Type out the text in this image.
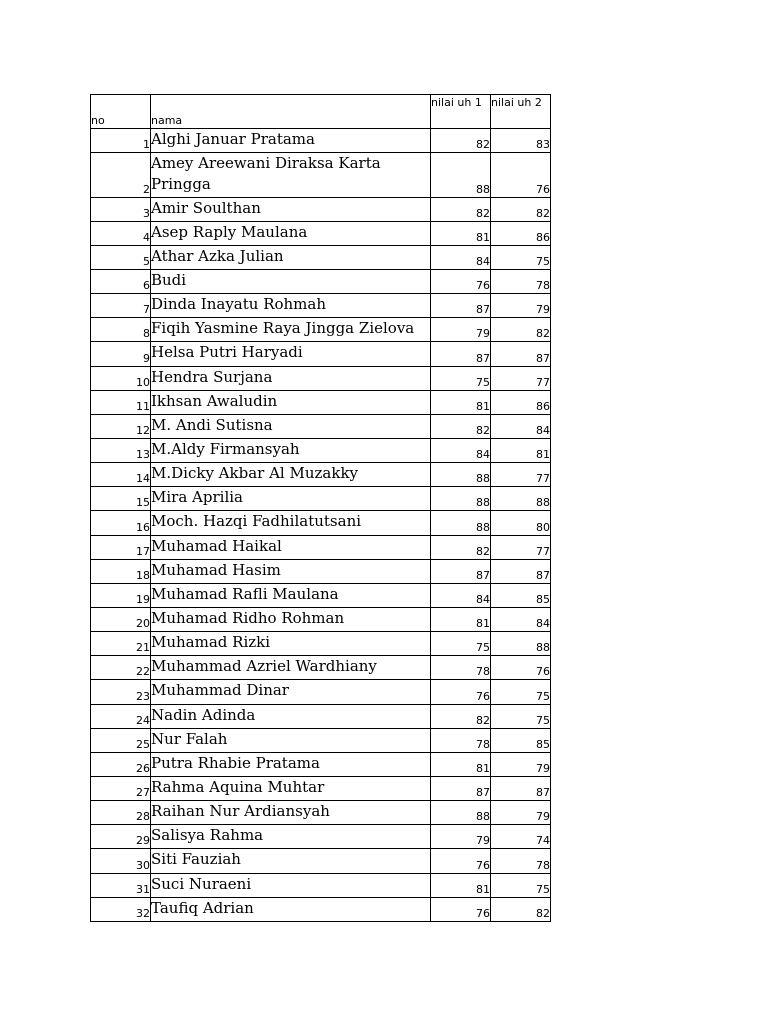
no	nama	nilai uh 1	nilai uh 2

1	Alghi Januar Pratama	82	83
2	Amey Areewani Diraksa Karta Pringga	88	76
3	Amir Soulthan	82	82
4	Asep Raply Maulana	81	86
5	Athar Azka Julian	84	75
6	Budi	76	78
7	Dinda Inayatu Rohmah	87	79
8	Fiqih Yasmine Raya Jingga Zielova	79	82
9	Helsa Putri Haryadi	87	87
10	Hendra Surjana	75	77
11	Ikhsan Awaludin	81	86
12	M. Andi Sutisna	82	84
13	M.Aldy Firmansyah	84	81
14	M.Dicky Akbar Al Muzakky	88	77
15	Mira Aprilia	88	88
16	Moch. Hazqi Fadhilatutsani	88	80
17	Muhamad Haikal	82	77
18	Muhamad Hasim	87	87
19	Muhamad Rafli Maulana	84	85
20	Muhamad Ridho Rohman	81	84
21	Muhamad Rizki	75	88
22	Muhammad Azriel Wardhiany	78	76
23	Muhammad Dinar	76	75
24	Nadin Adinda	82	75
25	Nur Falah	78	85
26	Putra Rhabie Pratama	81	79
27	Rahma Aquina Muhtar	87	87
28	Raihan Nur Ardiansyah	88	79
29	Salisya Rahma	79	74
30	Siti Fauziah	76	78
31	Suci Nuraeni	81	75
32	Taufiq Adrian	76	82
